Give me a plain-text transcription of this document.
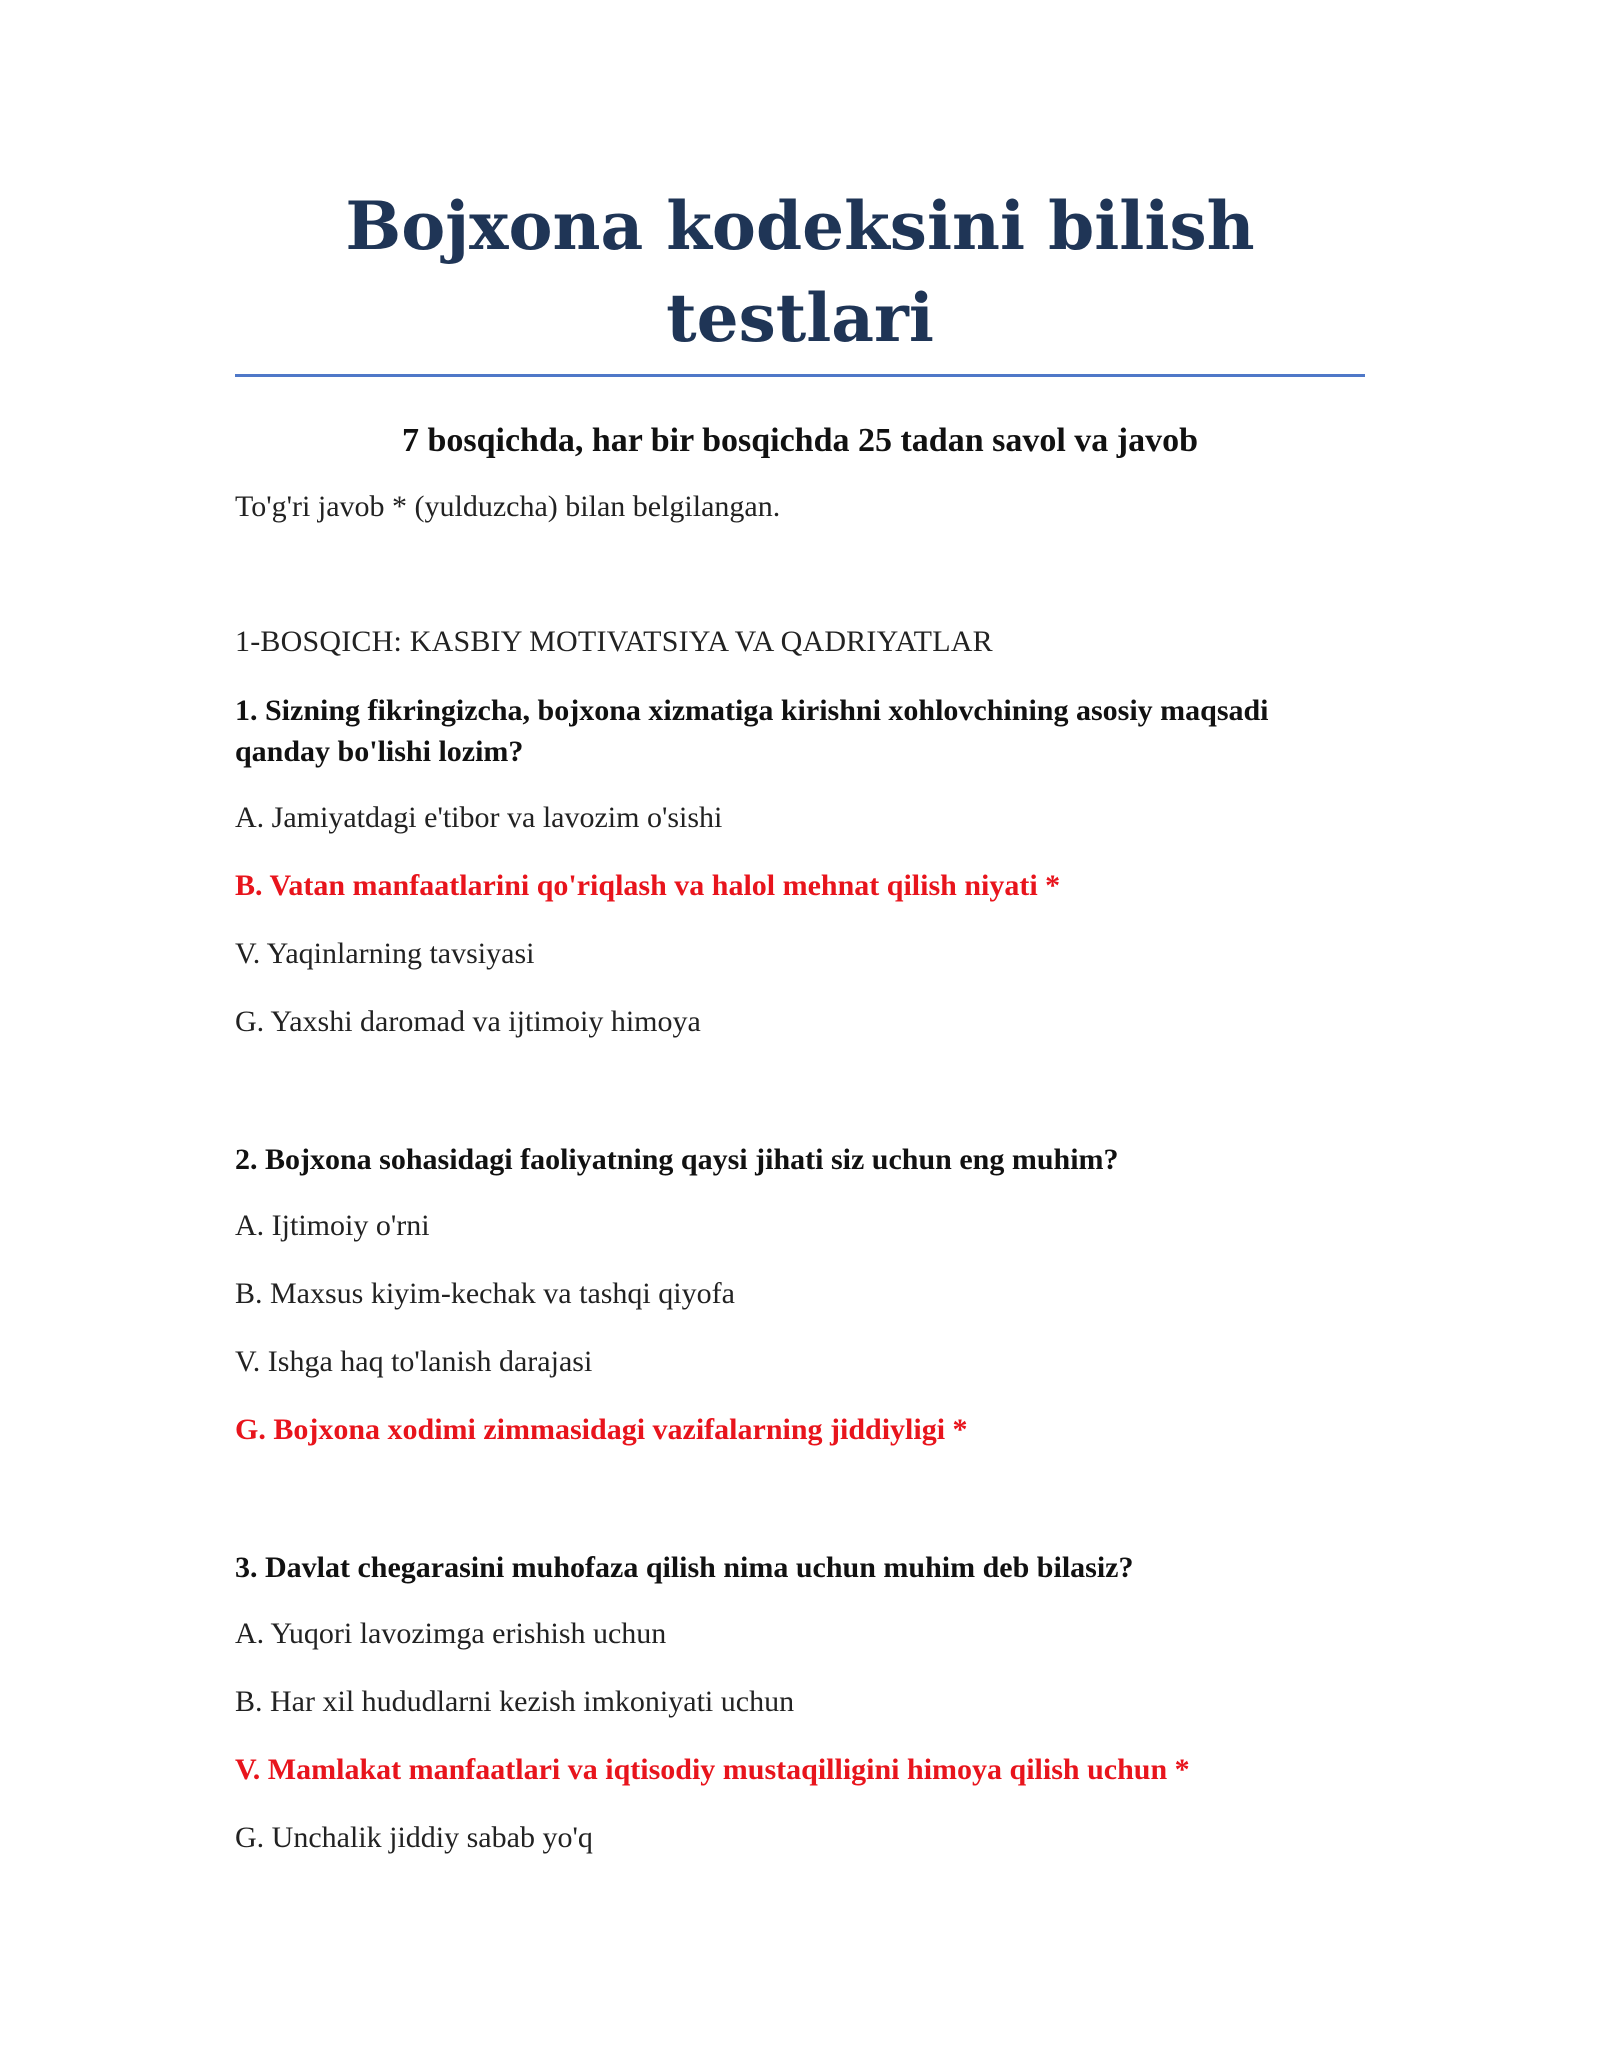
Bojxona kodeksini bilish
testlari
7 bosqichda, har bir bosqichda 25 tadan savol va javob
To'g'ri javob * (yulduzcha) bilan belgilangan.
1-BOSQICH: KASBIY MOTIVATSIYA VA QADRIYATLAR

1. Sizning fikringizcha, bojxona xizmatiga kirishni xohlovchining asosiy maqsadi qanday bo'lishi lozim?

A. Jamiyatdagi e'tibor va lavozim o'sishi

B. Vatan manfaatlarini qo'riqlash va halol mehnat qilish niyati *

V. Yaqinlarning tavsiyasi

G. Yaxshi daromad va ijtimoiy himoya

2. Bojxona sohasidagi faoliyatning qaysi jihati siz uchun eng muhim?

A. Ijtimoiy o'rni

B. Maxsus kiyim-kechak va tashqi qiyofa

V. Ishga haq to'lanish darajasi

G. Bojxona xodimi zimmasidagi vazifalarning jiddiyligi *

3. Davlat chegarasini muhofaza qilish nima uchun muhim deb bilasiz?

A. Yuqori lavozimga erishish uchun

B. Har xil hududlarni kezish imkoniyati uchun

V. Mamlakat manfaatlari va iqtisodiy mustaqilligini himoya qilish uchun *

G. Unchalik jiddiy sabab yo'q
